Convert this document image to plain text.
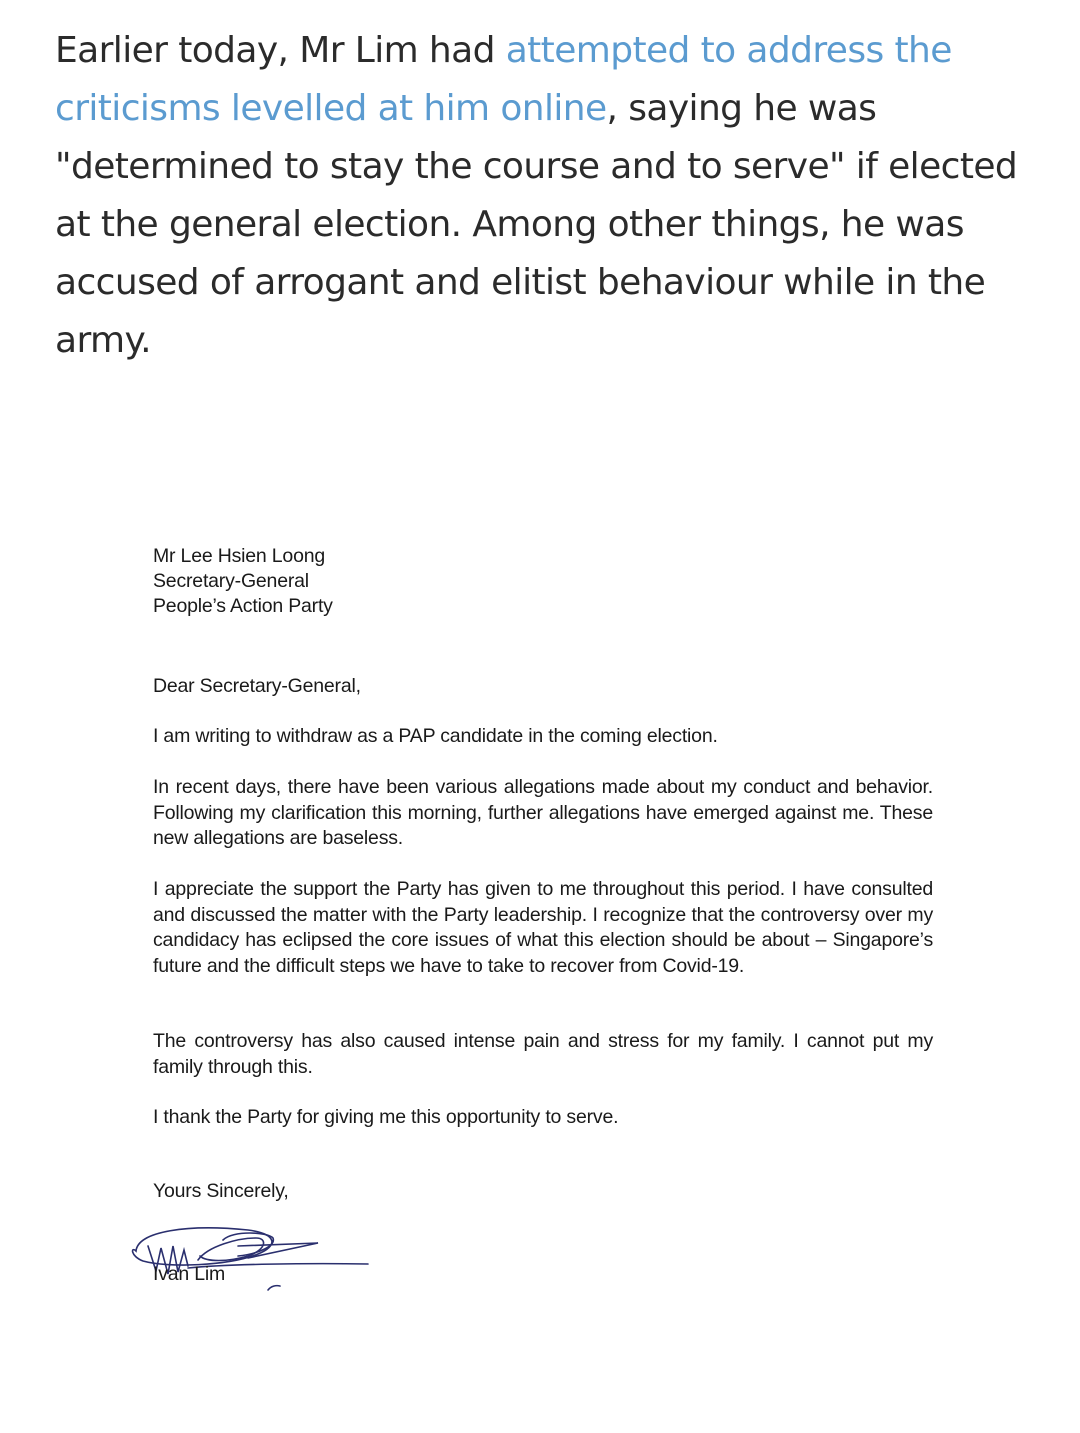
Earlier today, Mr Lim had attempted to address the criticisms levelled at him online, saying he was "determined to stay the course and to serve" if elected at the general election. Among other things, he was accused of arrogant and elitist behaviour while in the army.
Mr Lee Hsien Loong
Secretary-General
People’s Action Party

Dear Secretary-General,

I am writing to withdraw as a PAP candidate in the coming election.

In recent days, there have been various allegations made about my conduct and behavior. Following my clarification this morning, further allegations have emerged against me. These new allegations are baseless.

I appreciate the support the Party has given to me throughout this period. I have consulted and discussed the matter with the Party leadership. I recognize that the controversy over my candidacy has eclipsed the core issues of what this election should be about – Singapore’s future and the difficult steps we have to take to recover from Covid-19.

The controversy has also caused intense pain and stress for my family. I cannot put my family through this.

I thank the Party for giving me this opportunity to serve.

Yours Sincerely,

Ivan Lim
